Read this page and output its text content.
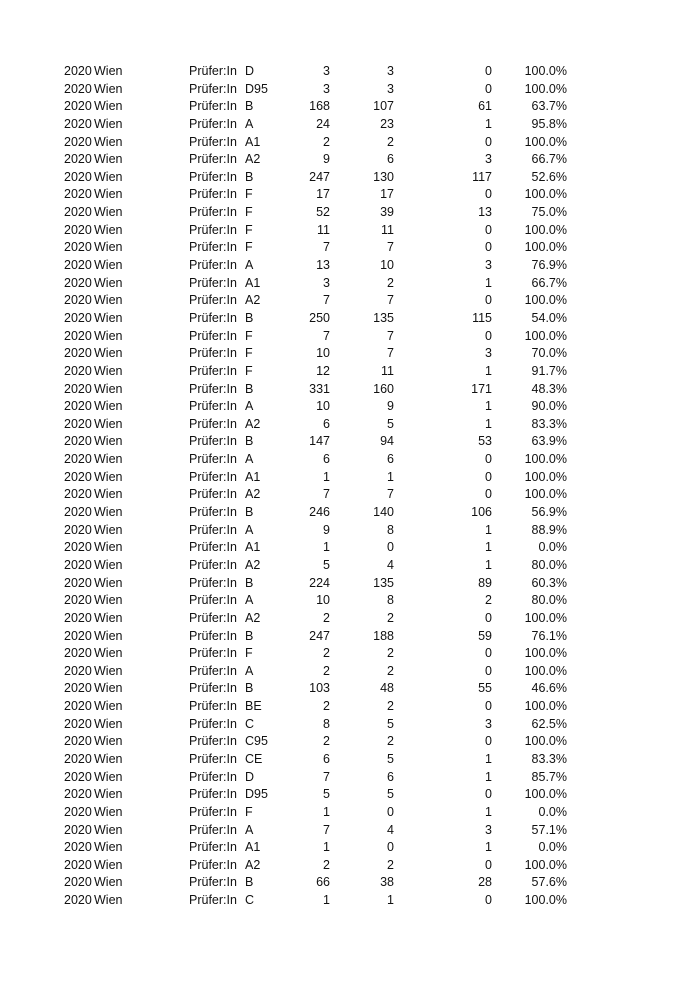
2020 Wien	Prüfer:In D	3	3	0	100.0%
2020 Wien	Prüfer:In D95	3	3	0	100.0%
2020 Wien	Prüfer:In B	168	107	61	63.7%
2020 Wien	Prüfer:In A	24	23	1	95.8%
2020 Wien	Prüfer:In A1	2	2	0	100.0%
2020 Wien	Prüfer:In A2	9	6	3	66.7%
2020 Wien	Prüfer:In B	247	130	117	52.6%
2020 Wien	Prüfer:In F	17	17	0	100.0%
2020 Wien	Prüfer:In F	52	39	13	75.0%
2020 Wien	Prüfer:In F	11	11	0	100.0%
2020 Wien	Prüfer:In F	7	7	0	100.0%
2020 Wien	Prüfer:In A	13	10	3	76.9%
2020 Wien	Prüfer:In A1	3	2	1	66.7%
2020 Wien	Prüfer:In A2	7	7	0	100.0%
2020 Wien	Prüfer:In B	250	135	115	54.0%
2020 Wien	Prüfer:In F	7	7	0	100.0%
2020 Wien	Prüfer:In F	10	7	3	70.0%
2020 Wien	Prüfer:In F	12	11	1	91.7%
2020 Wien	Prüfer:In B	331	160	171	48.3%
2020 Wien	Prüfer:In A	10	9	1	90.0%
2020 Wien	Prüfer:In A2	6	5	1	83.3%
2020 Wien	Prüfer:In B	147	94	53	63.9%
2020 Wien	Prüfer:In A	6	6	0	100.0%
2020 Wien	Prüfer:In A1	1	1	0	100.0%
2020 Wien	Prüfer:In A2	7	7	0	100.0%
2020 Wien	Prüfer:In B	246	140	106	56.9%
2020 Wien	Prüfer:In A	9	8	1	88.9%
2020 Wien	Prüfer:In A1	1	0	1	0.0%
2020 Wien	Prüfer:In A2	5	4	1	80.0%
2020 Wien	Prüfer:In B	224	135	89	60.3%
2020 Wien	Prüfer:In A	10	8	2	80.0%
2020 Wien	Prüfer:In A2	2	2	0	100.0%
2020 Wien	Prüfer:In B	247	188	59	76.1%
2020 Wien	Prüfer:In F	2	2	0	100.0%
2020 Wien	Prüfer:In A	2	2	0	100.0%
2020 Wien	Prüfer:In B	103	48	55	46.6%
2020 Wien	Prüfer:In BE	2	2	0	100.0%
2020 Wien	Prüfer:In C	8	5	3	62.5%
2020 Wien	Prüfer:In C95	2	2	0	100.0%
2020 Wien	Prüfer:In CE	6	5	1	83.3%
2020 Wien	Prüfer:In D	7	6	1	85.7%
2020 Wien	Prüfer:In D95	5	5	0	100.0%
2020 Wien	Prüfer:In F	1	0	1	0.0%
2020 Wien	Prüfer:In A	7	4	3	57.1%
2020 Wien	Prüfer:In A1	1	0	1	0.0%
2020 Wien	Prüfer:In A2	2	2	0	100.0%
2020 Wien	Prüfer:In B	66	38	28	57.6%
2020 Wien	Prüfer:In C	1	1	0	100.0%
